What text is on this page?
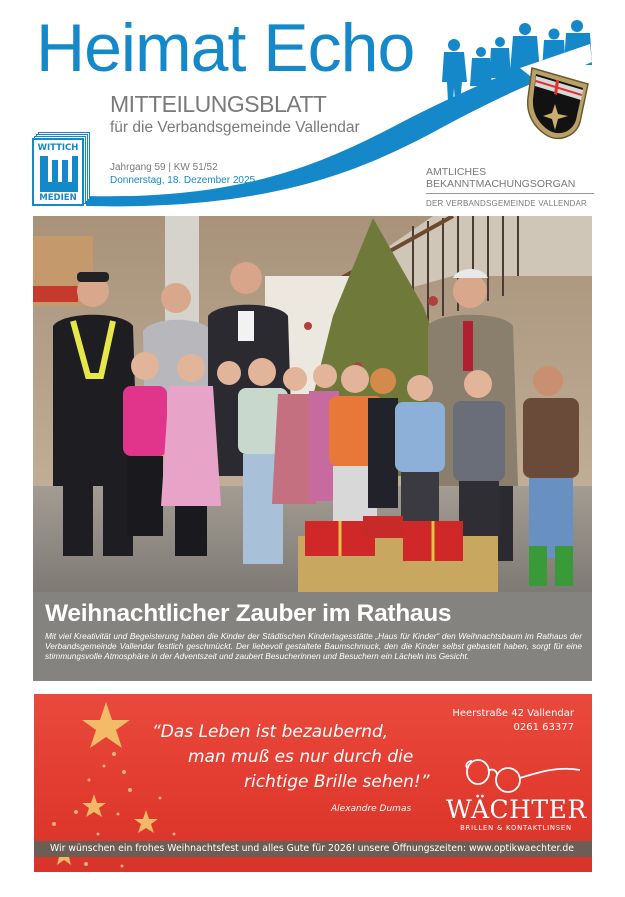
Heimat Echo
MITTEILUNGSBLATT
für die Verbandsgemeinde Vallendar
Jahrgang 59 | KW 51/52
Donnerstag, 18. Dezember 2025
WITTICH
MEDIEN
AMTLICHES
BEKANNTMACHUNGSORGAN
DER VERBANDSGEMEINDE VALLENDAR
Weihnachtlicher Zauber im Rathaus

Mit viel Kreativität und Begeisterung haben die Kinder der Städtischen Kindertagesstätte „Haus für Kinder“ den Weihnachtsbaum im Rathaus der Verbandsgemeinde Vallendar festlich geschmückt. Der liebevoll gestaltete Baumschmuck, den die Kinder selbst gebastelt haben, sorgt für eine stimmungsvolle Atmosphäre in der Adventszeit und zaubert Besucherinnen und Besuchern ein Lächeln ins Gesicht.

“Das Leben ist bezaubernd,
man muß es nur durch die
richtige Brille sehen!”
Alexandre Dumas
Heerstraße 42 Vallendar
0261 63377
WÄCHTER
BRILLEN & KONTAKTLINSEN
Wir wünschen ein frohes Weihnachtsfest und alles Gute für 2026! unsere Öffnungszeiten: www.optikwaechter.de
